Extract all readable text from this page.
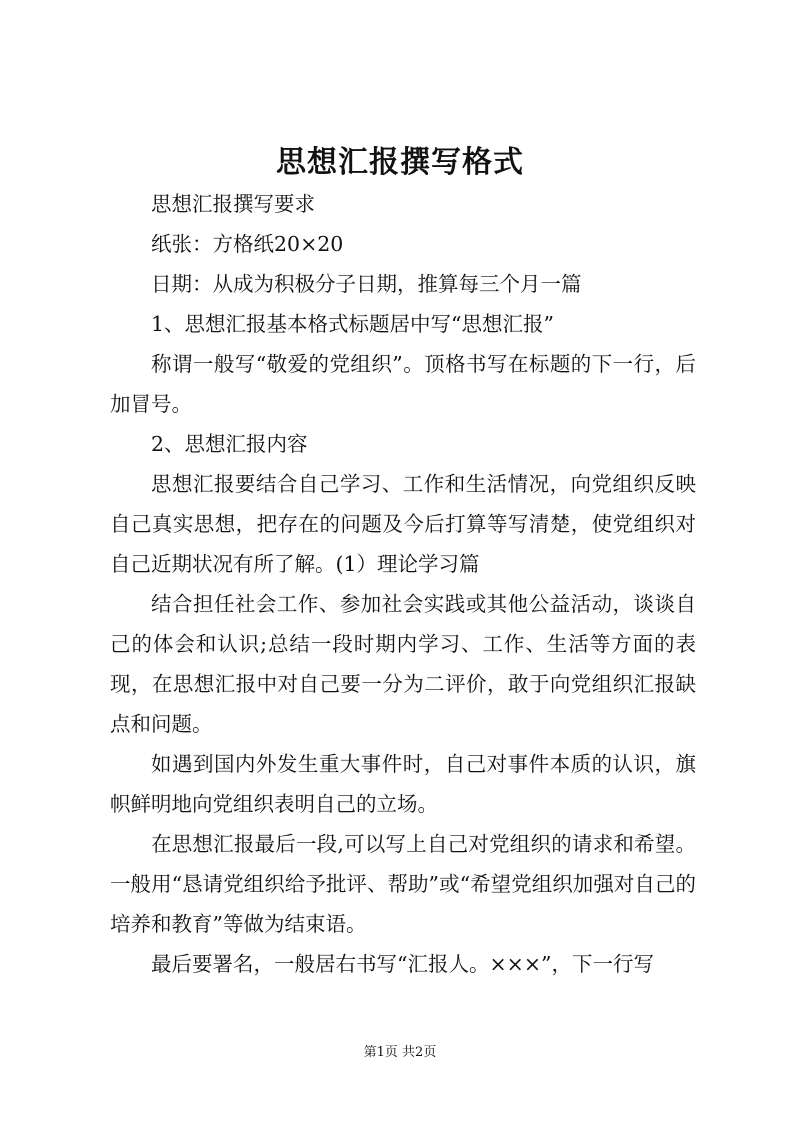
思想汇报撰写格式

思想汇报撰写要求

纸张：方格纸20×20

日期：从成为积极分子日期，推算每三个月一篇

1、思想汇报基本格式标题居中写“思想汇报”

称谓一般写“敬爱的党组织”。顶格书写在标题的下一行，后加冒号。

2、思想汇报内容

思想汇报要结合自己学习、工作和生活情况，向党组织反映自己真实思想，把存在的问题及今后打算等写清楚，使党组织对自己近期状况有所了解。(1）理论学习篇

结合担任社会工作、参加社会实践或其他公益活动，谈谈自己的体会和认识;总结一段时期内学习、工作、生活等方面的表现，在思想汇报中对自己要一分为二评价，敢于向党组织汇报缺点和问题。

如遇到国内外发生重大事件时，自己对事件本质的认识，旗帜鲜明地向党组织表明自己的立场。

在思想汇报最后一段,可以写上自己对党组织的请求和希望。一般用“恳请党组织给予批评、帮助”或“希望党组织加强对自己的培养和教育”等做为结束语。

最后要署名，一般居右书写“汇报人。×××”，下一行写

第1页 共2页
